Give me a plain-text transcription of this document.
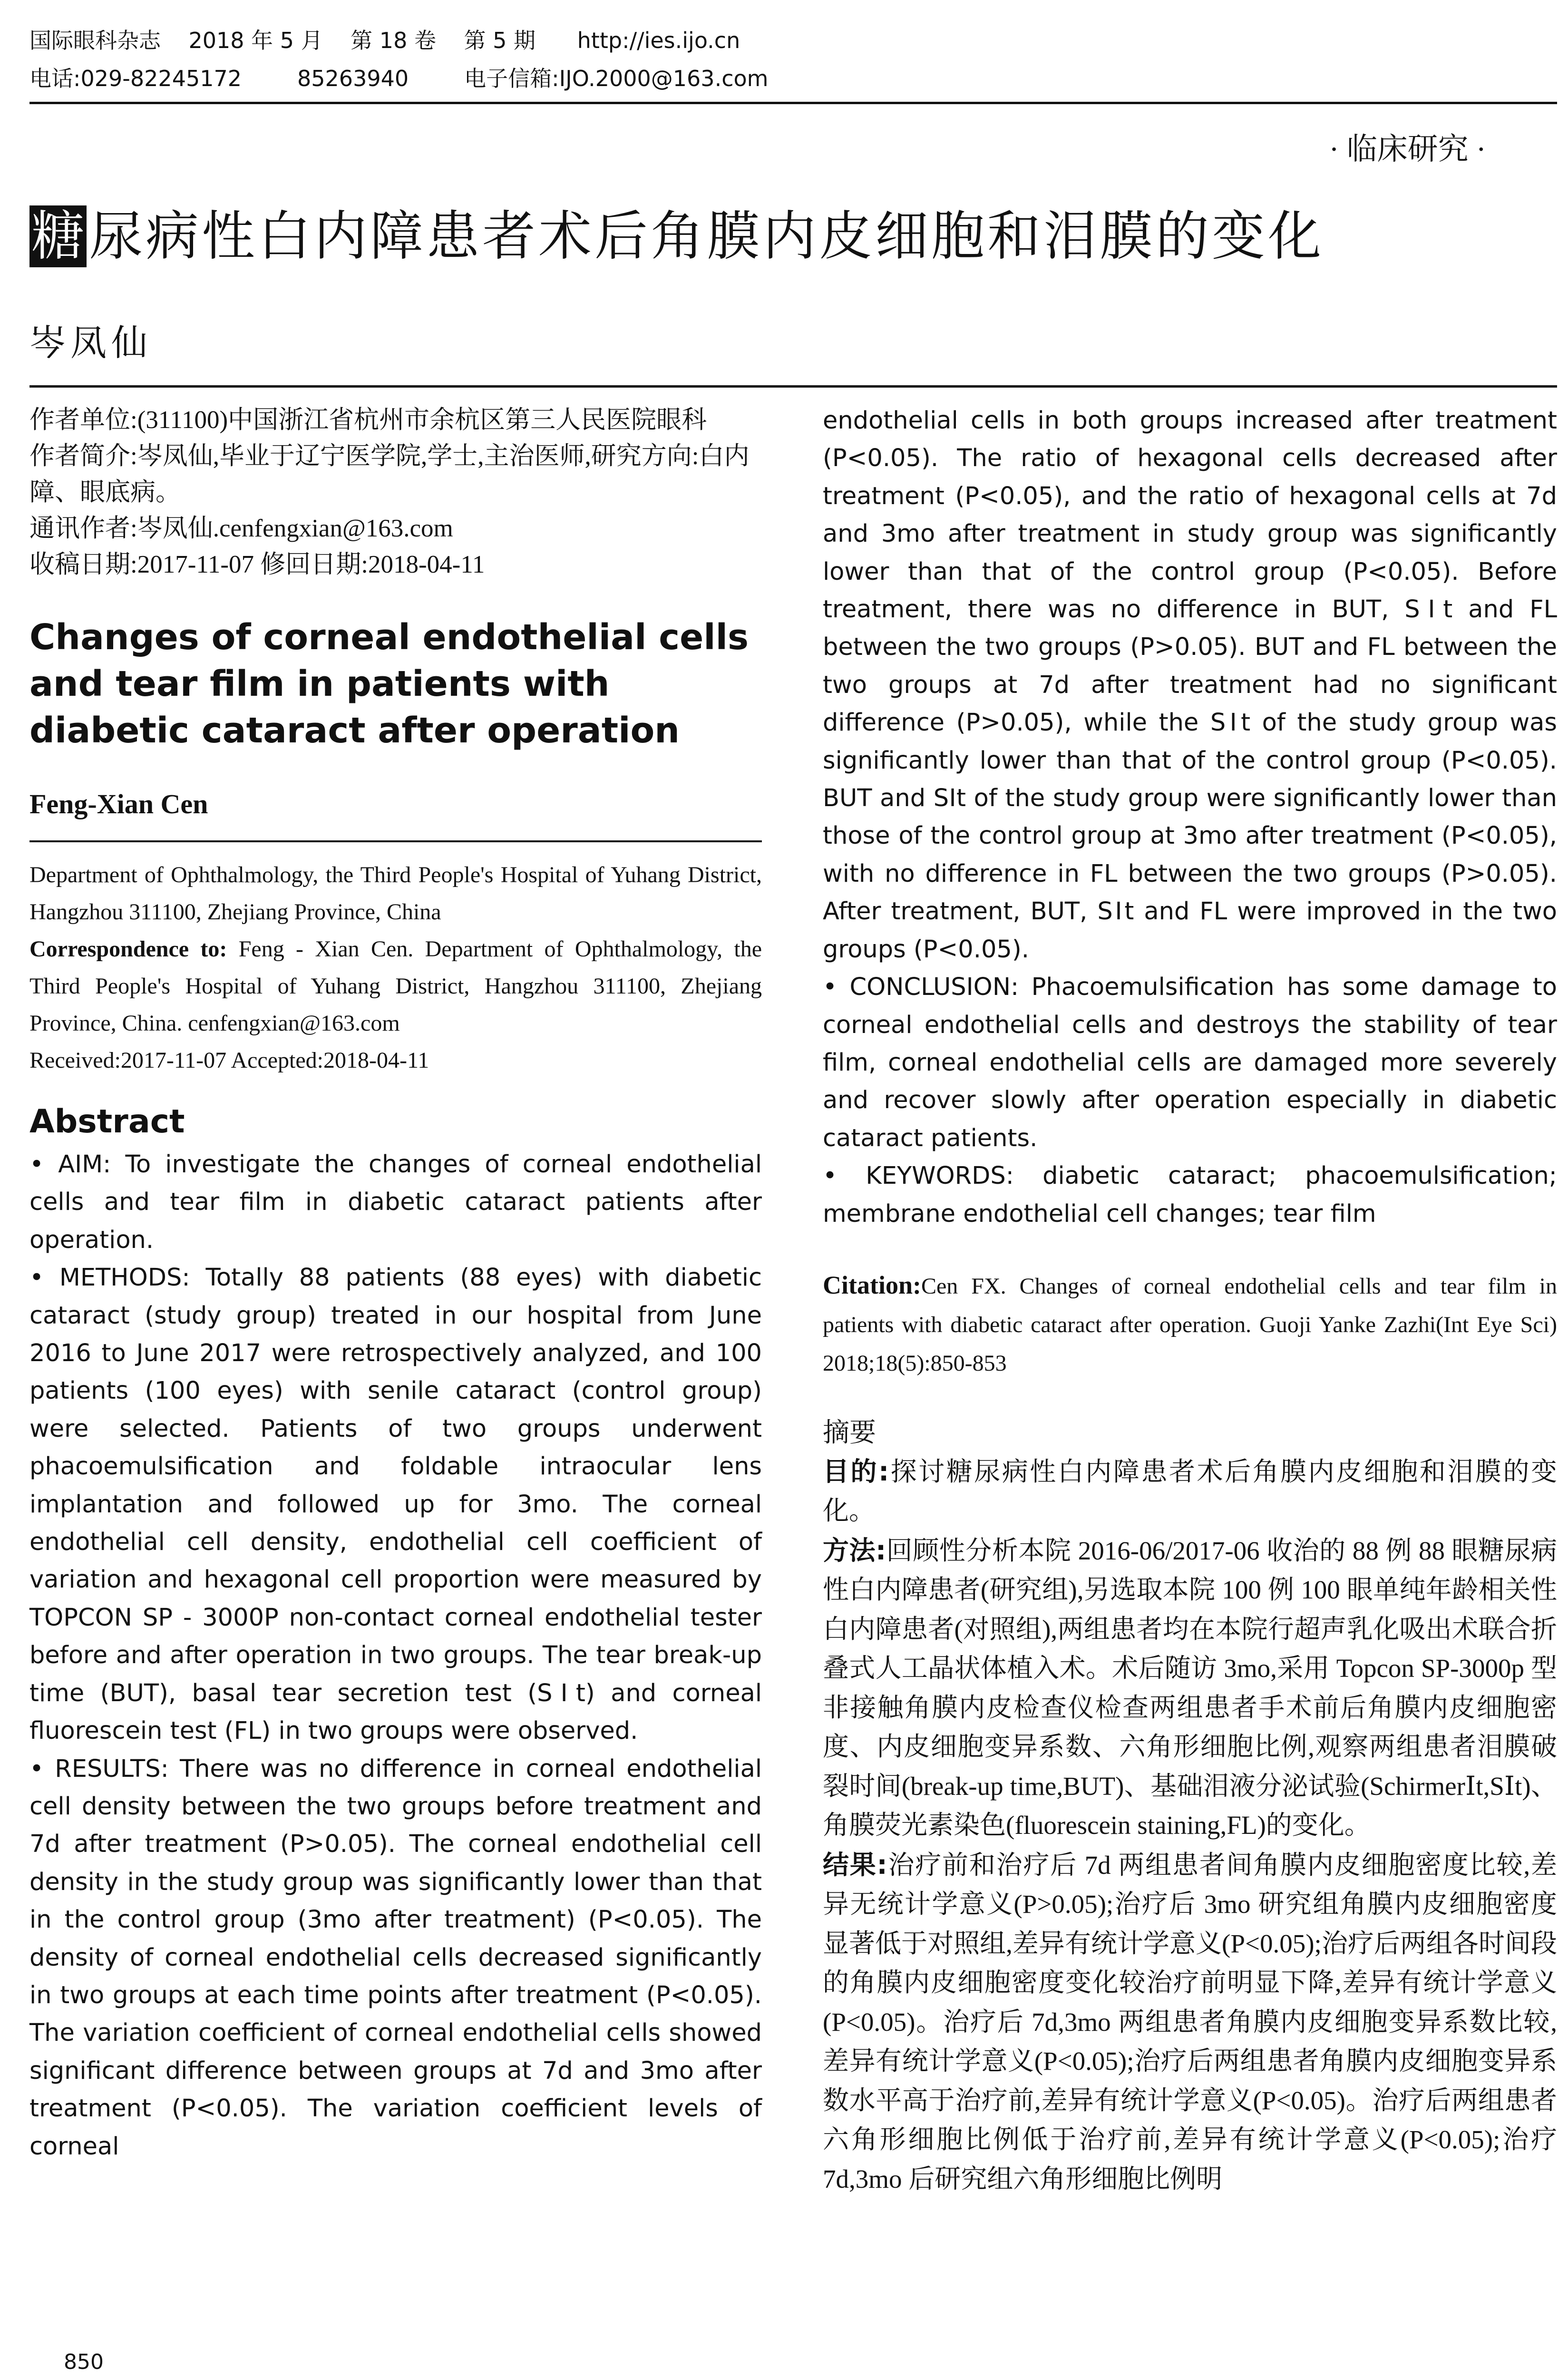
国际眼科杂志    2018 年 5 月    第 18 卷    第 5 期      http://ies.ijo.cn
电话:029-82245172        85263940        电子信箱:IJO.2000@163.com
· 临床研究 ·
糖 尿病性白内障患者术后角膜内皮细胞和泪膜的变化
岑凤仙

作者单位:(311100)中国浙江省杭州市余杭区第三人民医院眼科

作者简介:岑凤仙,毕业于辽宁医学院,学士,主治医师,研究方向:白内障、眼底病。

通讯作者:岑凤仙.cenfengxian@163.com

收稿日期:2017-11-07 修回日期:2018-04-11

Changes of corneal endothelial cells and tear film in patients with diabetic cataract after operation
Feng-Xian Cen

Department of Ophthalmology, the Third People's Hospital of Yuhang District, Hangzhou 311100, Zhejiang Province, China

Correspondence to: Feng - Xian Cen. Department of Ophthalmology, the Third People's Hospital of Yuhang District, Hangzhou 311100, Zhejiang Province, China. cenfengxian@163.com

Received:2017-11-07 Accepted:2018-04-11

Abstract

• AIM: To investigate the changes of corneal endothelial cells and tear film in diabetic cataract patients after operation.

• METHODS: Totally 88 patients (88 eyes) with diabetic cataract (study group) treated in our hospital from June 2016 to June 2017 were retrospectively analyzed, and 100 patients (100 eyes) with senile cataract (control group) were selected. Patients of two groups underwent phacoemulsification and foldable intraocular lens implantation and followed up for 3mo. The corneal endothelial cell density, endothelial cell coefficient of variation and hexagonal cell proportion were measured by TOPCON SP - 3000P non-contact corneal endothelial tester before and after operation in two groups. The tear break-up time (BUT), basal tear secretion test (SⅠt) and corneal fluorescein test (FL) in two groups were observed.

• RESULTS: There was no difference in corneal endothelial cell density between the two groups before treatment and 7d after treatment (P>0.05). The corneal endothelial cell density in the study group was significantly lower than that in the control group (3mo after treatment) (P<0.05). The density of corneal endothelial cells decreased significantly in two groups at each time points after treatment (P<0.05). The variation coefficient of corneal endothelial cells showed significant difference between groups at 7d and 3mo after treatment (P<0.05). The variation coefficient levels of corneal

endothelial cells in both groups increased after treatment (P<0.05). The ratio of hexagonal cells decreased after treatment (P<0.05), and the ratio of hexagonal cells at 7d and 3mo after treatment in study group was significantly lower than that of the control group (P<0.05). Before treatment, there was no difference in BUT, SⅠt and FL between the two groups (P>0.05). BUT and FL between the two groups at 7d after treatment had no significant difference (P>0.05), while the SⅠt of the study group was significantly lower than that of the control group (P<0.05). BUT and SⅠt of the study group were significantly lower than those of the control group at 3mo after treatment (P<0.05), with no difference in FL between the two groups (P>0.05). After treatment, BUT, SⅠt and FL were improved in the two groups (P<0.05).

• CONCLUSION: Phacoemulsification has some damage to corneal endothelial cells and destroys the stability of tear film, corneal endothelial cells are damaged more severely and recover slowly after operation especially in diabetic cataract patients.

• KEYWORDS: diabetic cataract; phacoemulsification; membrane endothelial cell changes; tear film

Citation:Cen FX. Changes of corneal endothelial cells and tear film in patients with diabetic cataract after operation. Guoji Yanke Zazhi(Int Eye Sci) 2018;18(5):850-853

摘要

目的:探讨糖尿病性白内障患者术后角膜内皮细胞和泪膜的变化。

方法:回顾性分析本院 2016-06/2017-06 收治的 88 例 88 眼糖尿病性白内障患者(研究组),另选取本院 100 例 100 眼单纯年龄相关性白内障患者(对照组),两组患者均在本院行超声乳化吸出术联合折叠式人工晶状体植入术。术后随访 3mo,采用 Topcon SP-3000p 型非接触角膜内皮检查仪检查两组患者手术前后角膜内皮细胞密度、内皮细胞变异系数、六角形细胞比例,观察两组患者泪膜破裂时间(break-up time,BUT)、基础泪液分泌试验(SchirmerⅠt,SⅠt)、角膜荧光素染色(fluorescein staining,FL)的变化。

结果:治疗前和治疗后 7d 两组患者间角膜内皮细胞密度比较,差异无统计学意义(P>0.05);治疗后 3mo 研究组角膜内皮细胞密度显著低于对照组,差异有统计学意义(P<0.05);治疗后两组各时间段的角膜内皮细胞密度变化较治疗前明显下降,差异有统计学意义(P<0.05)。治疗后 7d,3mo 两组患者角膜内皮细胞变异系数比较,差异有统计学意义(P<0.05);治疗后两组患者角膜内皮细胞变异系数水平高于治疗前,差异有统计学意义(P<0.05)。治疗后两组患者六角形细胞比例低于治疗前,差异有统计学意义(P<0.05);治疗 7d,3mo 后研究组六角形细胞比例明

850
